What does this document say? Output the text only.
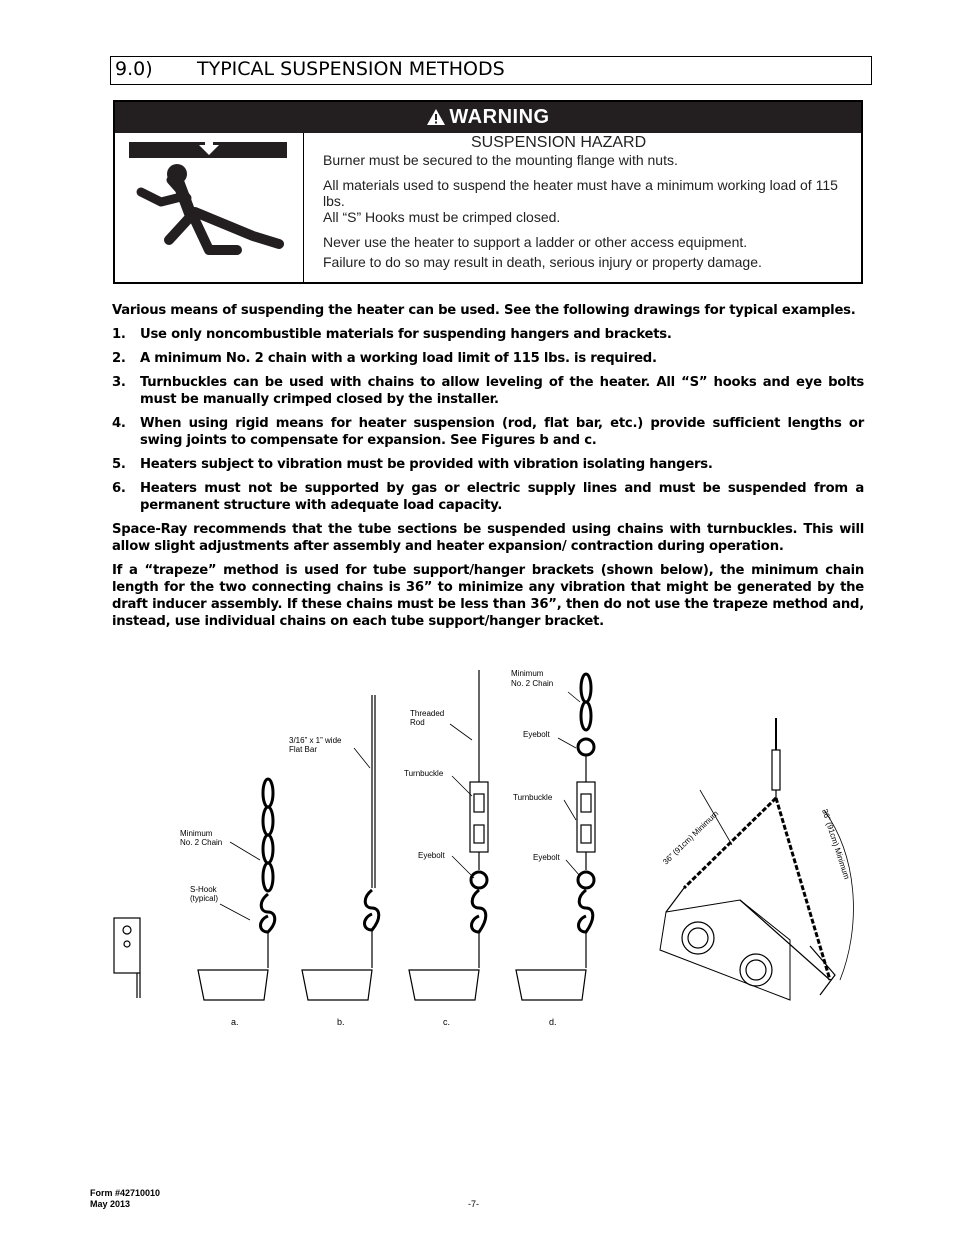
9.0) TYPICAL SUSPENSION METHODS
WARNING
SUSPENSION HAZARD

Burner must be secured to the mounting flange with nuts.

All materials used to suspend the heater must have a minimum working load of 115 lbs.

All “S” Hooks must be crimped closed.

Never use the heater to support a ladder or other access equipment.

Failure to do so may result in death, serious injury or property damage.

Various means of suspending the heater can be used. See the following drawings for typical examples.

1. Use only noncombustible materials for suspending hangers and brackets.
2. A minimum No. 2 chain with a working load limit of 115 lbs. is required.
3. Turnbuckles can be used with chains to allow leveling of the heater. All “S” hooks and eye bolts must be manually crimped closed by the installer.
4. When using rigid means for heater suspension (rod, flat bar, etc.) provide sufficient lengths or swing joints to compensate for expansion. See Figures b and c.
5. Heaters subject to vibration must be provided with vibration isolating hangers.
6. Heaters must not be supported by gas or electric supply lines and must be suspended from a permanent structure with adequate load capacity.

Space-Ray recommends that the tube sections be suspended using chains with turnbuckles. This will allow slight adjustments after assembly and heater expansion/ contraction during operation.

If a “trapeze” method is used for tube support/hanger brackets (shown below), the minimum chain length for the two connecting chains is 36” to minimize any vibration that might be generated by the draft inducer assembly. If these chains must be less than 36”, then do not use the trapeze method and, instead, use individual chains on each tube support/hanger bracket.

Minimum
No. 2 Chain
S-Hook
(typical)
3/16” x 1” wide
Flat Bar
Threaded
Rod
Turnbuckle
Eyebolt
Minimum
No. 2 Chain
Eyebolt
Turnbuckle
Eyebolt	36” (91cm) Minimum	36” (91cm) Minimum
a.	b.	c.	d.
Form #42710010
May 2013	-7-
